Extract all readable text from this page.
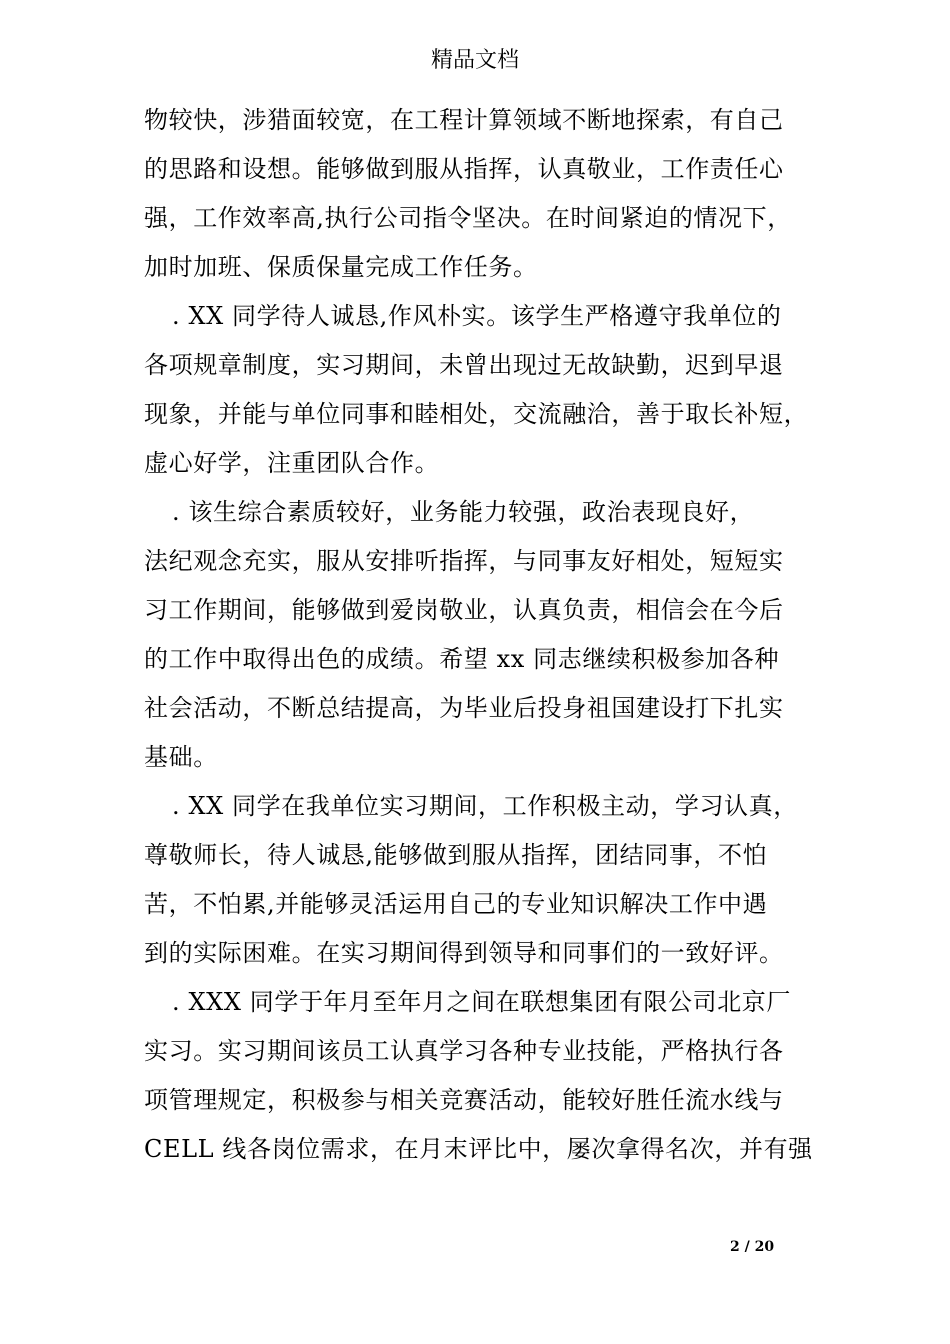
精品文档
物较快，涉猎面较宽，在工程计算领域不断地探索，有自己
的思路和设想。能够做到服从指挥，认真敬业，工作责任心
强，工作效率高,执行公司指令坚决。在时间紧迫的情况下，
加时加班、保质保量完成工作任务。
. XX 同学待人诚恳,作风朴实。该学生严格遵守我单位的
各项规章制度，实习期间，未曾出现过无故缺勤，迟到早退
现象，并能与单位同事和睦相处，交流融洽，善于取长补短，
虚心好学，注重团队合作。
. 该生综合素质较好，业务能力较强，政治表现良好，
法纪观念充实，服从安排听指挥，与同事友好相处，短短实
习工作期间，能够做到爱岗敬业，认真负责，相信会在今后
的工作中取得出色的成绩。希望 xx 同志继续积极参加各种
社会活动，不断总结提高，为毕业后投身祖国建设打下扎实
基础。
. XX 同学在我单位实习期间，工作积极主动，学习认真，
尊敬师长，待人诚恳,能够做到服从指挥，团结同事，不怕
苦，不怕累,并能够灵活运用自己的专业知识解决工作中遇
到的实际困难。在实习期间得到领导和同事们的一致好评。
. XXX 同学于年月至年月之间在联想集团有限公司北京厂
实习。实习期间该员工认真学习各种专业技能，严格执行各
项管理规定，积极参与相关竞赛活动，能较好胜任流水线与
CELL 线各岗位需求，在月末评比中，屡次拿得名次，并有强
2 / 20
